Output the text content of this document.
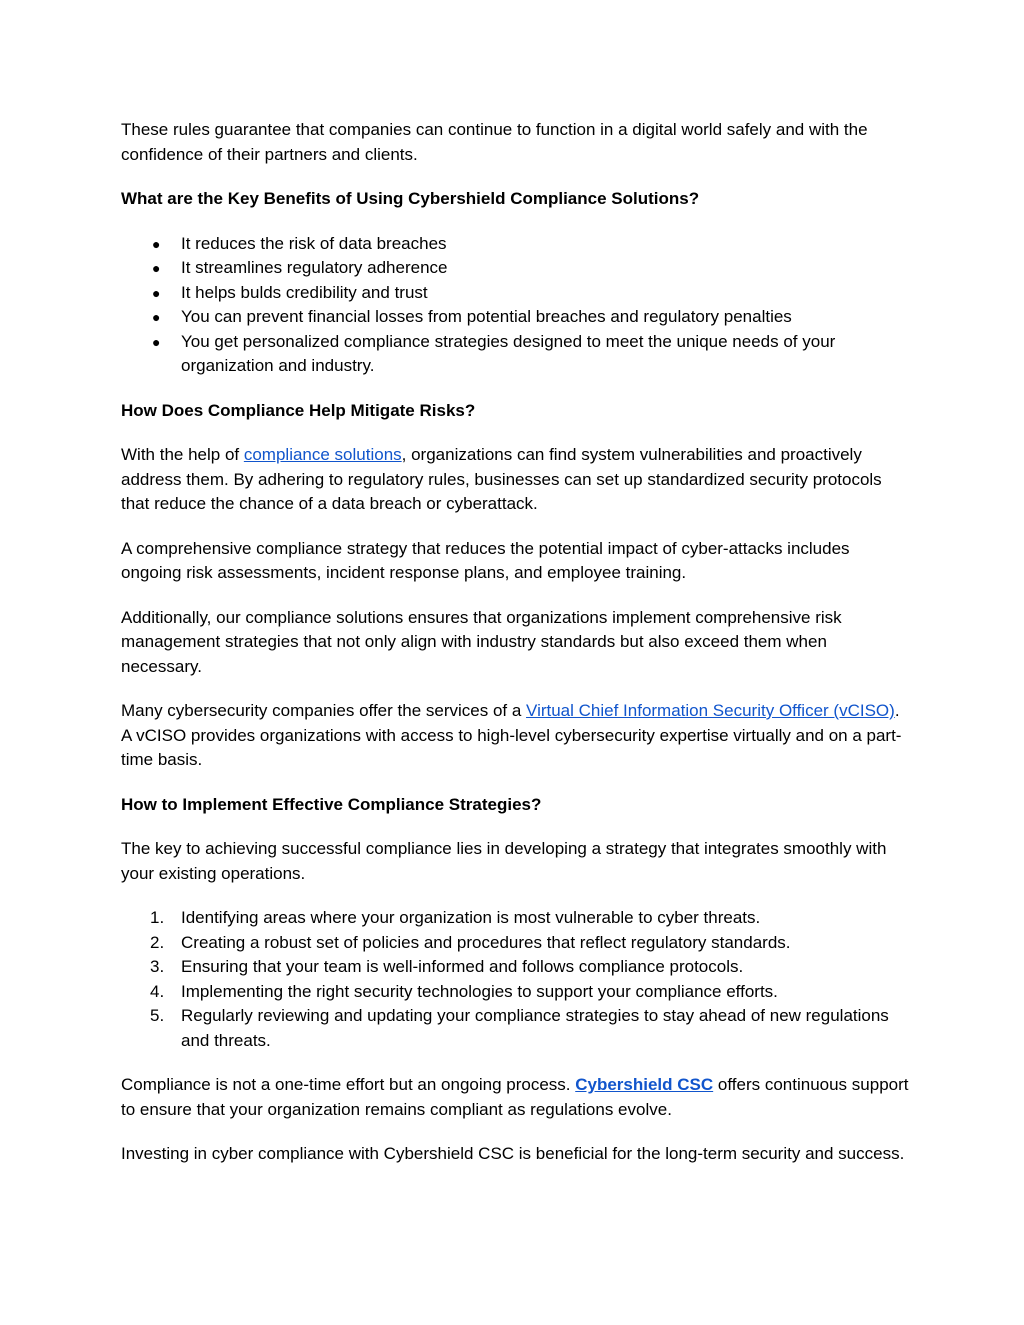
These rules guarantee that companies can continue to function in a digital world safely and with the confidence of their partners and clients.

What are the Key Benefits of Using Cybershield Compliance Solutions?
● It reduces the risk of data breaches
● It streamlines regulatory adherence
● It helps bulds credibility and trust
● You can prevent financial losses from potential breaches and regulatory penalties
● You get personalized compliance strategies designed to meet the unique needs of your organization and industry.
How Does Compliance Help Mitigate Risks?

With the help of compliance solutions, organizations can find system vulnerabilities and proactively address them. By adhering to regulatory rules, businesses can set up standardized security protocols that reduce the chance of a data breach or cyberattack.

A comprehensive compliance strategy that reduces the potential impact of cyber-attacks includes ongoing risk assessments, incident response plans, and employee training.

Additionally, our compliance solutions ensures that organizations implement comprehensive risk management strategies that not only align with industry standards but also exceed them when necessary.

Many cybersecurity companies offer the services of a Virtual Chief Information Security Officer (vCISO). A vCISO provides organizations with access to high-level cybersecurity expertise virtually and on a part-time basis.

How to Implement Effective Compliance Strategies?

The key to achieving successful compliance lies in developing a strategy that integrates smoothly with your existing operations.

1. Identifying areas where your organization is most vulnerable to cyber threats.
2. Creating a robust set of policies and procedures that reflect regulatory standards.
3. Ensuring that your team is well-informed and follows compliance protocols.
4. Implementing the right security technologies to support your compliance efforts.
5. Regularly reviewing and updating your compliance strategies to stay ahead of new regulations and threats.

Compliance is not a one-time effort but an ongoing process. Cybershield CSC offers continuous support to ensure that your organization remains compliant as regulations evolve.

Investing in cyber compliance with Cybershield CSC is beneficial for the long-term security and success.
